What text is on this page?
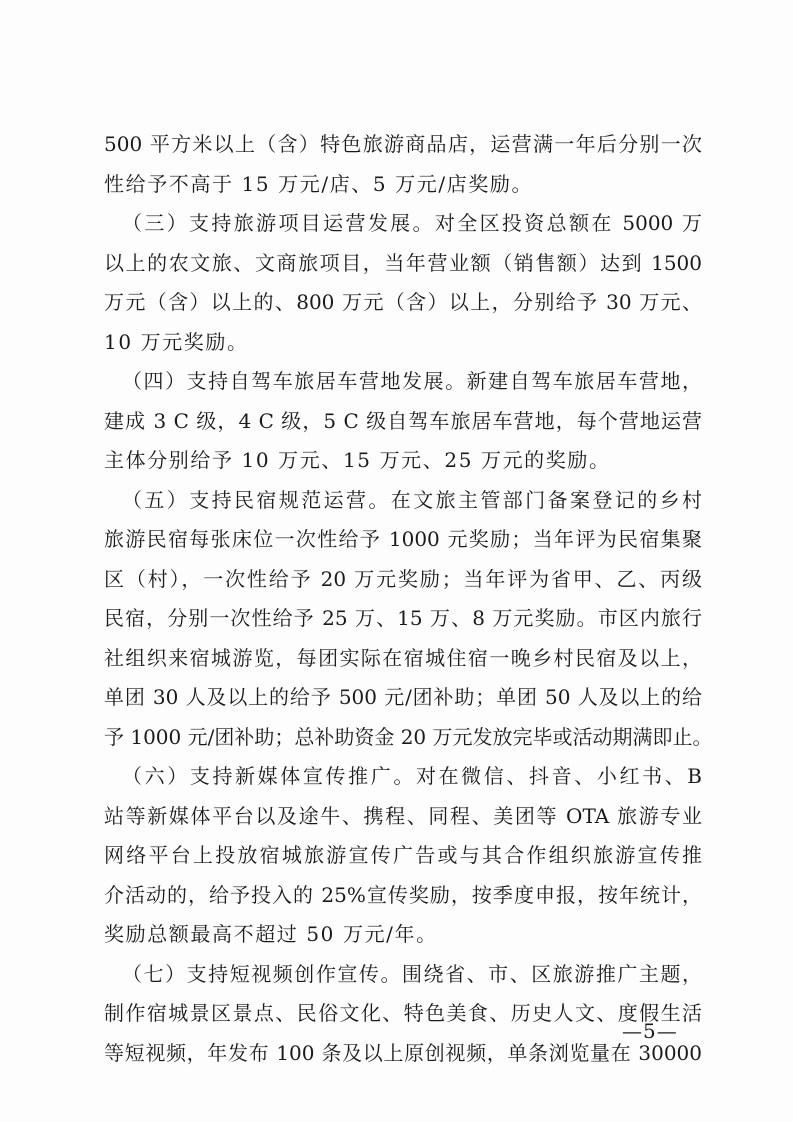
500 平方米以上（含）特色旅游商品店，运营满一年后分别一次
性给予不高于 15 万元/店、5 万元/店奖励。
（三）支持旅游项目运营发展。对全区投资总额在 5000 万
以上的农文旅、文商旅项目，当年营业额（销售额）达到 1500
万元（含）以上的、800 万元（含）以上，分别给予 30 万元、
10 万元奖励。
（四）支持自驾车旅居车营地发展。新建自驾车旅居车营地，
建成 3 C 级，4 C 级，5 C 级自驾车旅居车营地，每个营地运营
主体分别给予 10 万元、15 万元、25 万元的奖励。
（五）支持民宿规范运营。在文旅主管部门备案登记的乡村
旅游民宿每张床位一次性给予 1000 元奖励；当年评为民宿集聚
区（村），一次性给予 20 万元奖励；当年评为省甲、乙、丙级
民宿，分别一次性给予 25 万、15 万、8 万元奖励。市区内旅行
社组织来宿城游览，每团实际在宿城住宿一晚乡村民宿及以上，
单团 30 人及以上的给予 500 元/团补助；单团 50 人及以上的给
予 1000 元/团补助；总补助资金 20 万元发放完毕或活动期满即止。
（六）支持新媒体宣传推广。对在微信、抖音、小红书、B
站等新媒体平台以及途牛、携程、同程、美团等 OTA 旅游专业
网络平台上投放宿城旅游宣传广告或与其合作组织旅游宣传推
介活动的，给予投入的 25%宣传奖励，按季度申报，按年统计，
奖励总额最高不超过 50 万元/年。
（七）支持短视频创作宣传。围绕省、市、区旅游推广主题，
制作宿城景区景点、民俗文化、特色美食、历史人文、度假生活
等短视频，年发布 100 条及以上原创视频，单条浏览量在 30000
—5—
